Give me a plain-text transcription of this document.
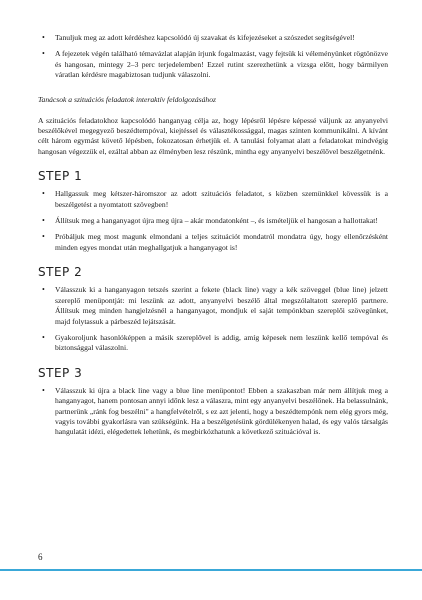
• Tanuljuk meg az adott kérdéshez kapcsolódó új szavakat és kifejezéseket a szószedet segítségével!
• A fejezetek végén található témavázlat alapján írjunk fogalmazást, vagy fejtsük ki véleményünket rögtönözve és hangosan, mintegy 2–3 perc terjedelemben! Ezzel rutint szerezhetünk a vizsga előtt, hogy bármilyen váratlan kérdésre magabiztosan tudjunk válaszolni.
Tanácsok a szituációs feladatok interaktív feldolgozásához
A szituációs feladatokhoz kapcsolódó hanganyag célja az, hogy lépésről lépésre képessé váljunk az anyanyelvi beszélőkével megegyező beszédtempóval, kiejtéssel és választékossággal, magas szinten kommunikálni. A kívánt célt három egymást követő lépésben, fokozatosan érhetjük el. A tanulási folyamat alatt a feladatokat mindvégig hangosan végezzük el, ezáltal abban az élményben lesz részünk, mintha egy anyanyelvi beszélővel beszélgetnénk.
STEP 1
• Hallgassuk meg kétszer-háromszor az adott szituációs feladatot, s közben szemünkkel kövessük is a beszélgetést a nyomtatott szövegben!
• Állítsuk meg a hanganyagot újra meg újra – akár mondatonként –, és ismételjük el hangosan a hallottakat!
• Próbáljuk meg most magunk elmondani a teljes szituációt mondatról mondatra úgy, hogy ellenőrzésként minden egyes mondat után meghallgatjuk a hanganyagot is!
STEP 2
• Válasszuk ki a hanganyagon tetszés szerint a fekete (black line) vagy a kék szöveggel (blue line) jelzett szereplő menüpontját: mi leszünk az adott, anyanyelvi beszélő által megszólaltatott szereplő partnere. Állítsuk meg minden hangjelzésnél a hanganyagot, mondjuk el saját tempónkban szereplői szövegünket, majd folytassuk a párbeszéd lejátszását.
• Gyakoroljunk hasonlóképpen a másik szereplővel is addig, amíg képesek nem leszünk kellő tempóval és biztonsággal válaszolni.
STEP 3
• Válasszuk ki újra a black line vagy a blue line menüpontot! Ebben a szakaszban már nem állítjuk meg a hanganyagot, hanem pontosan annyi időnk lesz a válaszra, mint egy anyanyelvi beszélőnek. Ha belassulnánk, partnerünk „ránk fog beszélni" a hangfelvételről, s ez azt jelenti, hogy a beszédtempónk nem elég gyors még, vagyis további gyakorlásra van szükségünk. Ha a beszélgetésünk gördülékenyen halad, és egy valós társalgás hangulatát idézi, elégedettek lehetünk, és megbirkózhatunk a következő szituációval is.
6
